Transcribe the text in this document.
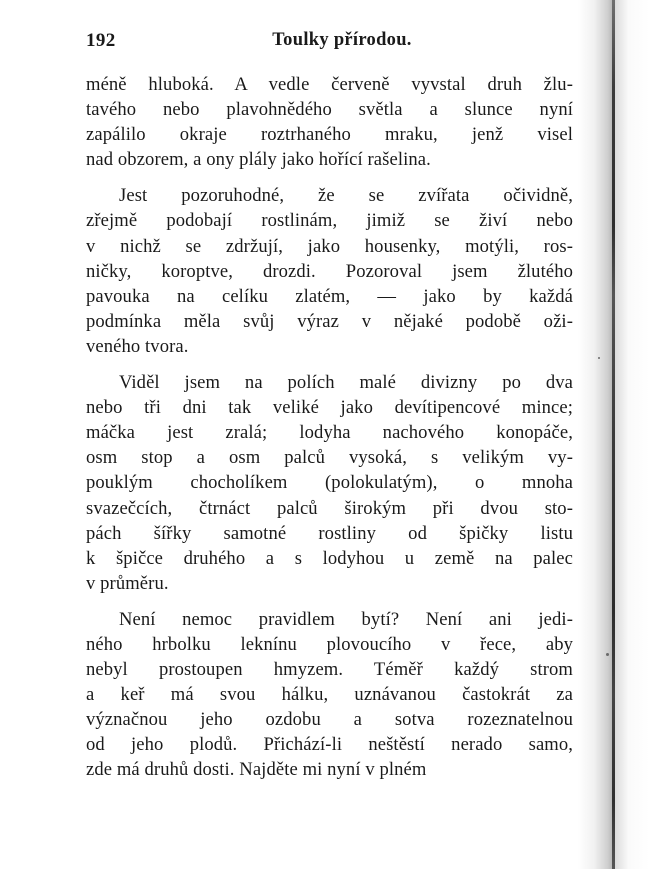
192	Toulky přírodou.

méně hluboká. A vedle červeně vyvstal druh žlu-
tavého nebo plavohnědého světla a slunce nyní
zapálilo okraje roztrhaného mraku, jenž visel
nad obzorem, a ony plály jako hořící rašelina.

Jest pozoruhodné, že se zvířata očividně,
zřejmě podobají rostlinám, jimiž se živí nebo
v nichž se zdržují, jako housenky, motýli, ros-
ničky, koroptve, drozdi. Pozoroval jsem žlutého
pavouka na celíku zlatém, — jako by každá
podmínka měla svůj výraz v nějaké podobě oži-
veného tvora.

Viděl jsem na polích malé divizny po dva
nebo tři dni tak veliké jako devítipencové mince;
máčka jest zralá; lodyha nachového konopáče,
osm stop a osm palců vysoká, s velikým vy-
pouklým chocholíkem (polokulatým), o mnoha
svazečcích, čtrnáct palců širokým při dvou sto-
pách šířky samotné rostliny od špičky listu
k špičce druhého a s lodyhou u země na palec
v průměru.

Není nemoc pravidlem bytí? Není ani jedi-
ného hrbolku leknínu plovoucího v řece, aby
nebyl prostoupen hmyzem. Téměř každý strom
a keř má svou hálku, uznávanou častokrát za
význačnou jeho ozdobu a sotva rozeznatelnou
od jeho plodů. Přichází-li neštěstí nerado samo,
zde má druhů dosti. Najděte mi nyní v plném
